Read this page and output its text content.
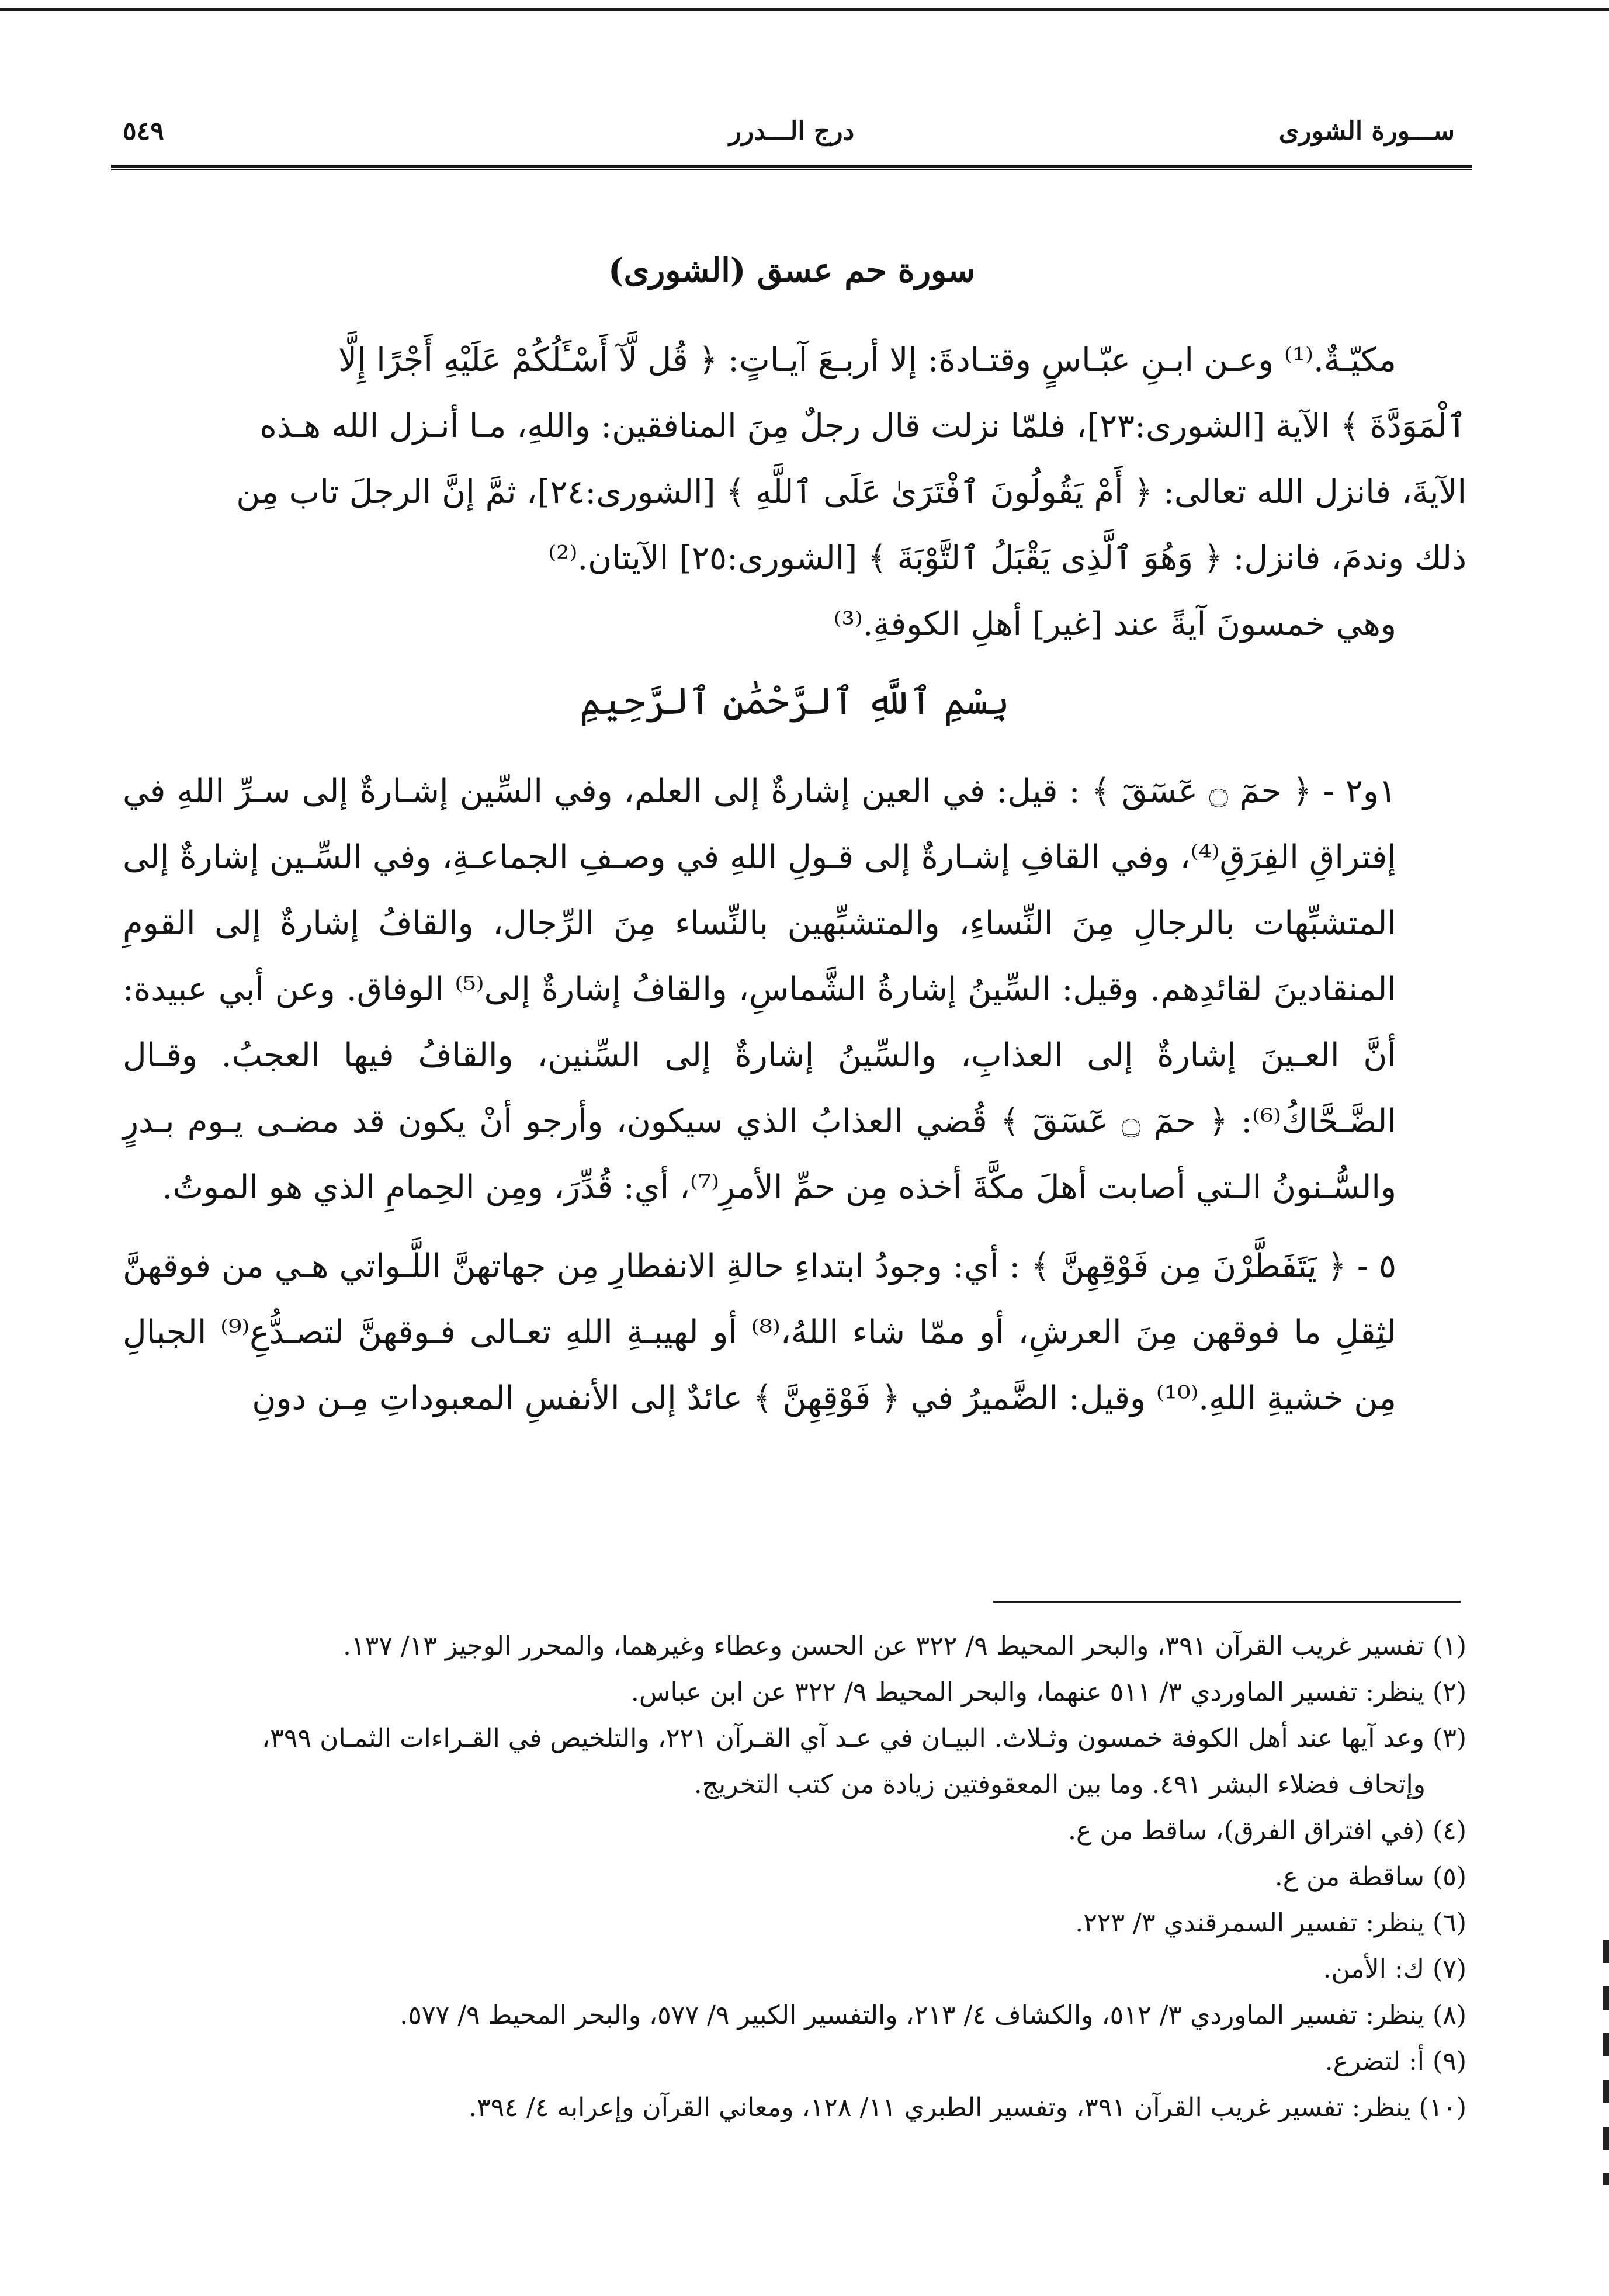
٥٤٩	درج الـــدرر	ســـورة الشورى
سورة حم عسق (الشورى)

مكيّـةٌ.⁽¹⁾ وعـن ابـنِ عبّـاسٍ وقتـادةَ: إلا أربـعَ آيـاتٍ: ﴿ قُل لَّآ أَسْـَٔلُكُمْ عَلَيْهِ أَجْرًا إِلَّا

ٱلْمَوَدَّةَ ﴾ الآية [الشورى:٢٣]، فلمّا نزلت قال رجلٌ مِنَ المنافقين: واللهِ، مـا أنـزل الله هـذه

الآيةَ، فانزل الله تعالى: ﴿ أَمْ يَقُولُونَ ٱفْتَرَىٰ عَلَى ٱللَّهِ ﴾ [الشورى:٢٤]، ثمَّ إنَّ الرجلَ تاب مِن

ذلك وندمَ، فانزل: ﴿ وَهُوَ ٱلَّذِى يَقْبَلُ ٱلتَّوْبَةَ ﴾ [الشورى:٢٥] الآيتان.⁽²⁾

وهي خمسونَ آيةً عند [غير] أهلِ الكوفةِ.⁽³⁾

بِسْمِ ٱللَّهِ ٱلرَّحْمَٰنِ ٱلرَّحِيمِ

١و٢ - ﴿ حمٓ ۝ عٓسٓقٓ ﴾ : قيل: في العين إشارةٌ إلى العلم، وفي السِّين إشـارةٌ إلى سـرِّ اللهِ في إفتراقِ الفِرَقِ⁽⁴⁾، وفي القافِ إشـارةٌ إلى قـولِ اللهِ في وصـفِ الجماعـةِ، وفي السِّـين إشارةٌ إلى المتشبِّهات بالرجالِ مِنَ النِّساءِ، والمتشبِّهين بالنِّساء مِنَ الرِّجال، والقافُ إشارةٌ إلى القومِ المنقادينَ لقائدِهم. وقيل: السِّينُ إشارةُ الشَّماسِ، والقافُ إشارةٌ إلى⁽⁵⁾ الوفاق. وعن أبي عبيدة: أنَّ العـينَ إشارةٌ إلى العذابِ، والسِّينُ إشارةٌ إلى السِّنين، والقافُ فيها العجبُ. وقـال الضَّـحَّاكُ⁽⁶⁾: ﴿ حمٓ ۝ عٓسٓقٓ ﴾ قُضي العذابُ الذي سيكون، وأرجو أنْ يكون قد مضـى يـوم بـدرٍ والسُّـنونُ الـتي أصابت أهلَ مكَّةَ أخذه مِن حمِّ الأمرِ⁽⁷⁾، أي: قُدِّرَ، ومِن الحِمامِ الذي هو الموتُ.

٥ - ﴿ يَتَفَطَّرْنَ مِن فَوْقِهِنَّ ﴾ : أي: وجودُ ابتداءِ حالةِ الانفطارِ مِن جهاتهنَّ اللَّـواتي هـي من فوقهنَّ لثِقلِ ما فوقهن مِنَ العرشِ، أو ممّا شاء اللهُ،⁽⁸⁾ أو لهيبـةِ اللهِ تعـالى فـوقهنَّ لتصـدُّعِ⁽⁹⁾ الجبالِ مِن خشيةِ اللهِ.⁽¹⁰⁾ وقيل: الضَّميرُ في ﴿ فَوْقِهِنَّ ﴾ عائدٌ إلى الأنفسِ المعبوداتِ مِـن دونِ

(١) تفسير غريب القرآن ٣٩١، والبحر المحيط ٩/ ٣٢٢ عن الحسن وعطاء وغيرهما، والمحرر الوجيز ١٣/ ١٣٧.
(٢) ينظر: تفسير الماوردي ٣/ ٥١١ عنهما، والبحر المحيط ٩/ ٣٢٢ عن ابن عباس.
(٣) وعد آيها عند أهل الكوفة خمسون وثـلاث. البيـان في عـد آي القـرآن ٢٢١، والتلخيص في القـراءات الثمـان ٣٩٩،
وإتحاف فضلاء البشر ٤٩١. وما بين المعقوفتين زيادة من كتب التخريج.
(٤) (في افتراق الفرق)، ساقط من ع.
(٥) ساقطة من ع.
(٦) ينظر: تفسير السمرقندي ٣/ ٢٢٣.
(٧) ك: الأمن.
(٨) ينظر: تفسير الماوردي ٣/ ٥١٢، والكشاف ٤/ ٢١٣، والتفسير الكبير ٩/ ٥٧٧، والبحر المحيط ٩/ ٥٧٧.
(٩) أ: لتضرع.
(١٠) ينظر: تفسير غريب القرآن ٣٩١، وتفسير الطبري ١١/ ١٢٨، ومعاني القرآن وإعرابه ٤/ ٣٩٤.
